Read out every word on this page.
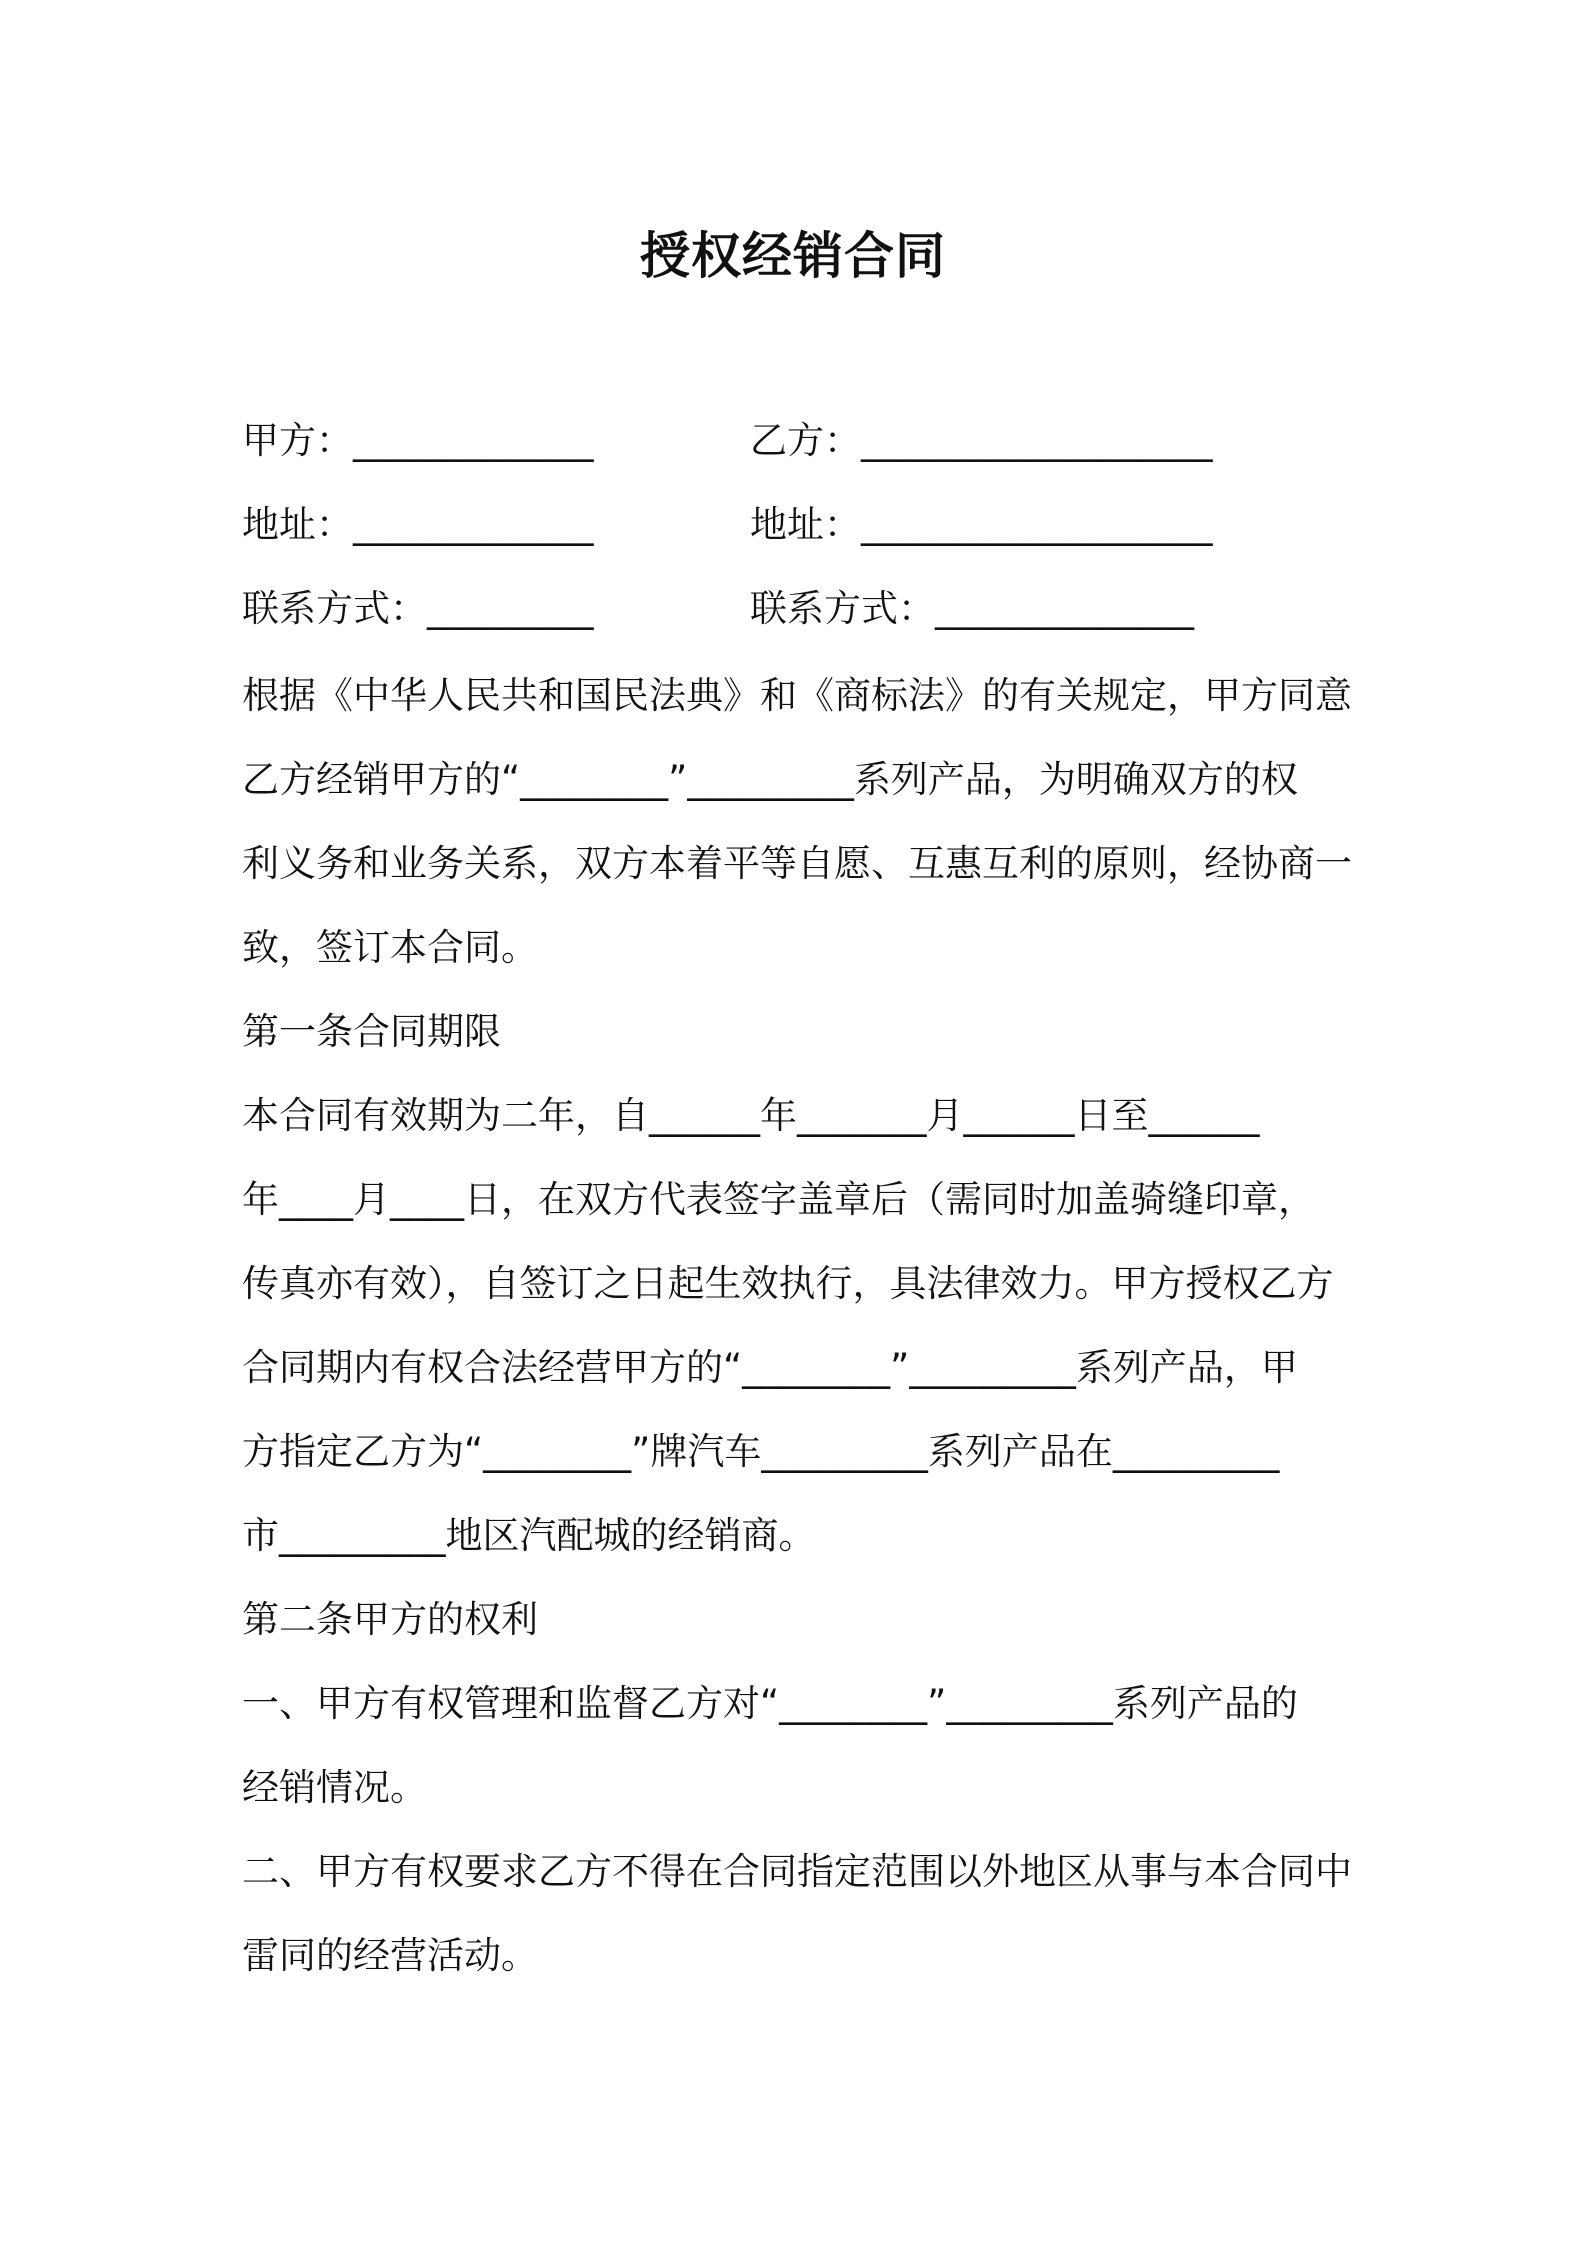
授权经销合同
甲方：_____________	乙方：___________________
地址：_____________	地址：___________________
联系方式：_________	联系方式：______________
根据《中华人民共和国民法典》和《商标法》的有关规定，甲方同意
乙方经销甲方的“________”_________系列产品，为明确双方的权
利义务和业务关系，双方本着平等自愿、互惠互利的原则，经协商一
致，签订本合同。
第一条合同期限
本合同有效期为二年，自______年_______月______日至______
年____月____日，在双方代表签字盖章后（需同时加盖骑缝印章，
传真亦有效），自签订之日起生效执行，具法律效力。甲方授权乙方
合同期内有权合法经营甲方的“________”_________系列产品，甲
方指定乙方为“________”牌汽车_________系列产品在_________
市_________地区汽配城的经销商。
第二条甲方的权利
一、甲方有权管理和监督乙方对“________”_________系列产品的
经销情况。
二、甲方有权要求乙方不得在合同指定范围以外地区从事与本合同中
雷同的经营活动。
